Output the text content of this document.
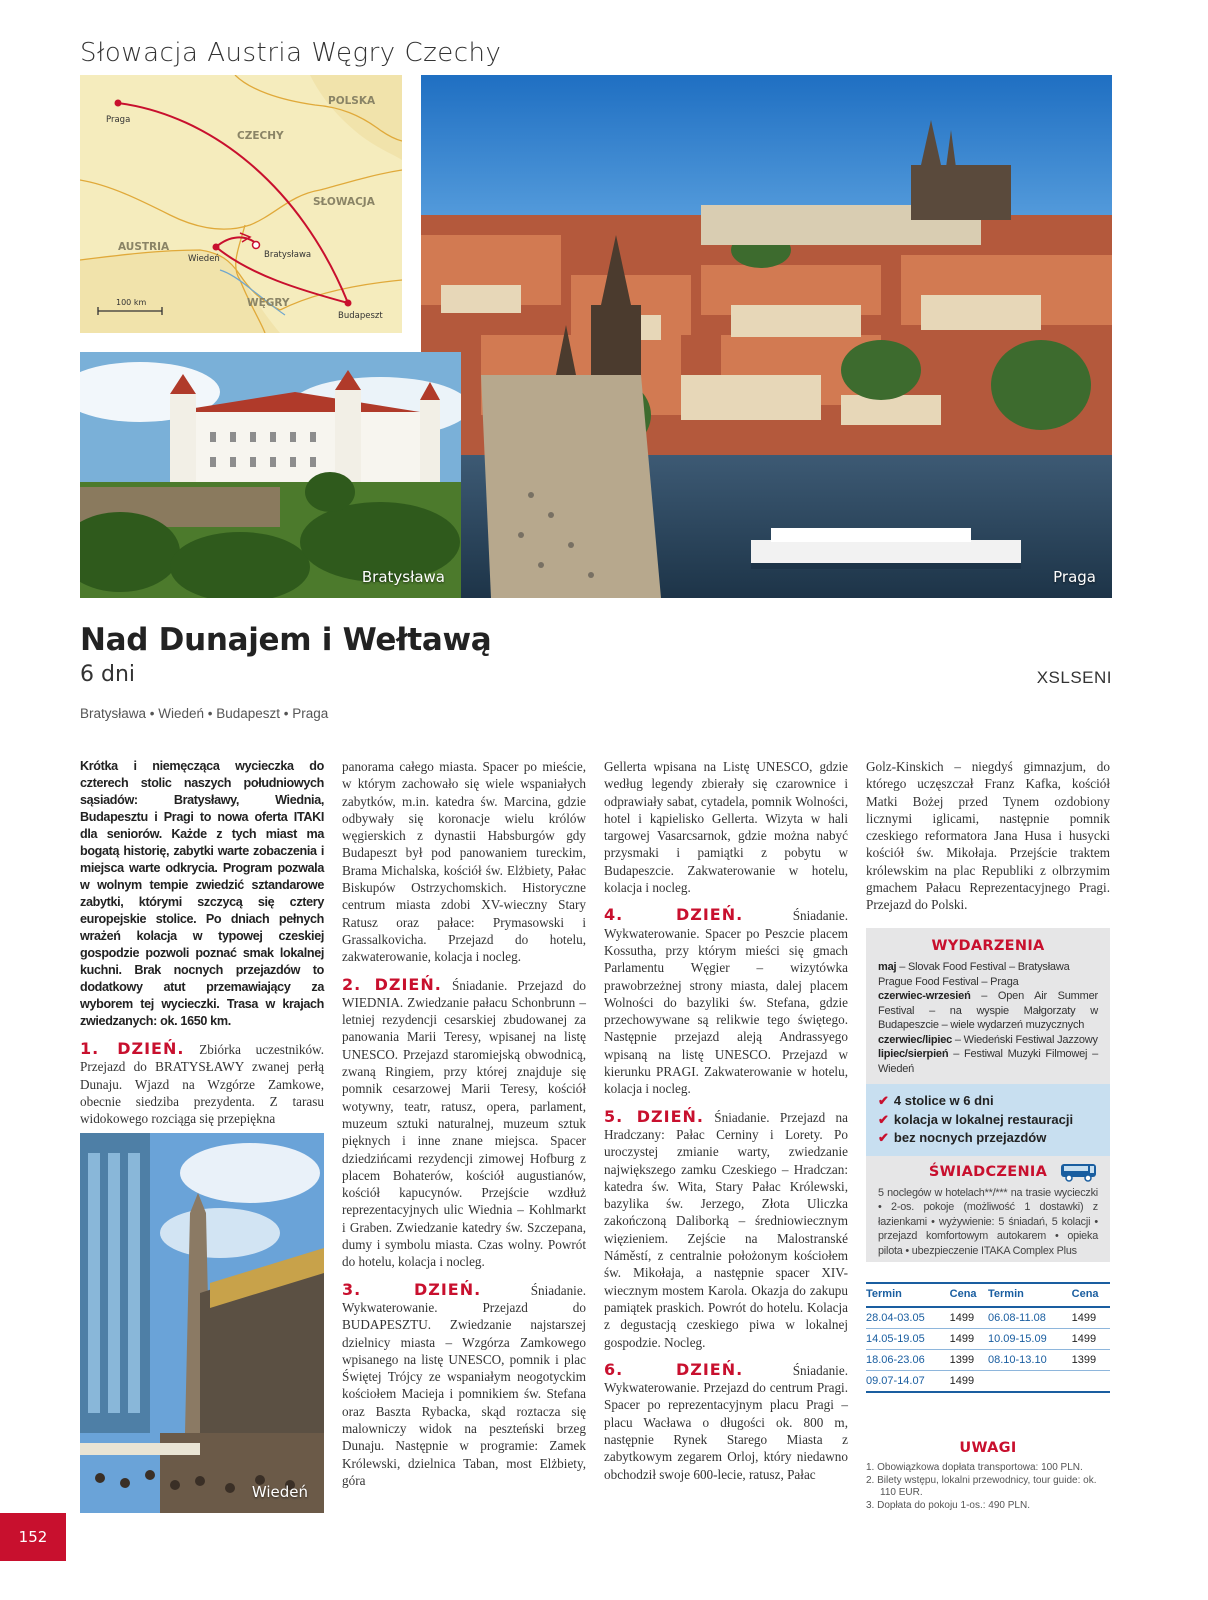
Słowacja Austria Węgry Czechy
POLSKA
CZECHY
SŁOWACJA
AUSTRIA
WĘGRY
Praga
Wiedeń	Bratysława
Budapeszt
100 km
Praga
Bratysława
Wiedeń
Nad Dunajem i Wełtawą
6 dni	XSLSENI
Bratysława • Wiedeń • Budapeszt • Praga

Krótka i niemęcząca wycieczka do czterech stolic naszych południowych sąsiadów: Bratysławy, Wiednia, Budapesztu i Pragi to nowa oferta ITAKI dla seniorów. Każde z tych miast ma bogatą historię, zabytki warte zobaczenia i miejsca warte odkrycia. Program pozwala w wolnym tempie zwiedzić sztandarowe zabytki, którymi szczycą się cztery europejskie stolice. Po dniach pełnych wrażeń kolacja w typowej czeskiej gospodzie pozwoli poznać smak lokalnej kuchni. Brak nocnych przejazdów to dodatkowy atut przemawiający za wyborem tej wycieczki. Trasa w krajach zwiedzanych: ok. 1650 km.

1. DZIEŃ. Zbiórka uczestników. Przejazd do BRATYSŁAWY zwanej perłą Dunaju. Wjazd na Wzgórze Zamkowe, obecnie siedziba prezydenta. Z tarasu widokowego rozciąga się przepiękna

panorama całego miasta. Spacer po mieście, w którym zachowało się wiele wspaniałych zabytków, m.in. katedra św. Marcina, gdzie odbywały się koronacje wielu królów węgierskich z dynastii Habsburgów gdy Budapeszt był pod panowaniem tureckim, Brama Michalska, kościół św. Elżbiety, Pałac Biskupów Ostrzychomskich. Historyczne centrum miasta zdobi XV-wieczny Stary Ratusz oraz pałace: Prymasowski i Grassalkovicha. Przejazd do hotelu, zakwaterowanie, kolacja i nocleg.

2. DZIEŃ. Śniadanie. Przejazd do WIEDNIA. Zwiedzanie pałacu Schonbrunn – letniej rezydencji cesarskiej zbudowanej za panowania Marii Teresy, wpisanej na listę UNESCO. Przejazd staromiejską obwodnicą, zwaną Ringiem, przy której znajduje się pomnik cesarzowej Marii Teresy, kościół wotywny, teatr, ratusz, opera, parlament, muzeum sztuki naturalnej, muzeum sztuk pięknych i inne znane miejsca. Spacer dziedzińcami rezydencji zimowej Hofburg z placem Bohaterów, kościół augustianów, kościół kapucynów. Przejście wzdłuż reprezentacyjnych ulic Wiednia – Kohlmarkt i Graben. Zwiedzanie katedry św. Szczepana, dumy i symbolu miasta. Czas wolny. Powrót do hotelu, kolacja i nocleg.

3. DZIEŃ.	Śniadanie. Wykwaterowanie. Przejazd do BUDAPESZTU. Zwiedzanie najstarszej dzielnicy miasta – Wzgórza Zamkowego wpisanego na listę UNESCO, pomnik i plac Świętej Trójcy ze wspaniałym neogotyckim kościołem Macieja i pomnikiem św. Stefana oraz Baszta Rybacka, skąd roztacza się malowniczy widok na peszteński brzeg Dunaju. Następnie w programie: Zamek Królewski, dzielnica Taban, most Elżbiety, góra

Gellerta wpisana na Listę UNESCO, gdzie według legendy zbierały się czarownice i odprawiały sabat, cytadela, pomnik Wolności, hotel i kąpielisko Gellerta. Wizyta w hali targowej Vasarcsarnok, gdzie można nabyć przysmaki i pamiątki z pobytu w Budapeszcie. Zakwaterowanie w hotelu, kolacja i nocleg.

4. DZIEŃ.	Śniadanie. Wykwaterowanie. Spacer po Peszcie placem Kossutha, przy którym mieści się gmach Parlamentu Węgier – wizytówka prawobrzeżnej strony miasta, dalej placem Wolności do bazyliki św. Stefana, gdzie przechowywane są relikwie tego świętego. Następnie przejazd aleją Andrassyego wpisaną na listę UNESCO. Przejazd w kierunku PRAGI. Zakwaterowanie w hotelu, kolacja i nocleg.

5. DZIEŃ. Śniadanie. Przejazd na Hradczany: Pałac Cerniny i Lorety. Po uroczystej zmianie warty, zwiedzanie największego zamku Czeskiego – Hradczan: katedra św. Wita, Stary Pałac Królewski, bazylika św. Jerzego, Złota Uliczka zakończoną Daliborką – średniowiecznym więzieniem. Zejście na Malostranské Náměstí, z centralnie położonym kościołem św. Mikołaja, a następnie spacer XIV-wiecznym mostem Karola. Okazja do zakupu pamiątek praskich. Powrót do hotelu. Kolacja z degustacją czeskiego piwa w lokalnej gospodzie. Nocleg.

6. DZIEŃ.	Śniadanie. Wykwaterowanie. Przejazd do centrum Pragi. Spacer po reprezentacyjnym placu Pragi – placu Wacława o długości ok. 800 m, następnie Rynek Starego Miasta z zabytkowym zegarem Orloj, który niedawno obchodził swoje 600-lecie, ratusz, Pałac

Golz-Kinskich – niegdyś gimnazjum, do którego uczęszczał Franz Kafka, kościół Matki Bożej przed Tynem ozdobiony licznymi iglicami, następnie pomnik czeskiego reformatora Jana Husa i husycki kościół św. Mikołaja. Przejście traktem królewskim na plac Republiki z olbrzymim gmachem Pałacu Reprezentacyjnego Pragi. Przejazd do Polski.

WYDARZENIA
maj – Slovak Food Festival – Bratysława
Prague Food Festival – Praga
czerwiec-wrzesień – Open Air Summer Festival – na wyspie Małgorzaty w Budapeszcie – wiele wydarzeń muzycznych
czerwiec/lipiec – Wiedeński Festiwal Jazzowy
lipiec/sierpień – Festiwal Muzyki Filmowej – Wiedeń
✔ 4 stolice w 6 dni
✔ kolacja w lokalnej restauracji
✔ bez nocnych przejazdów
ŚWIADCZENIA
5 noclegów w hotelach**/*** na trasie wycieczki • 2-os. pokoje (możliwość 1 dostawki) z łazienkami • wyżywienie: 5 śniadań, 5 kolacji • przejazd komfortowym autokarem • opieka pilota • ubezpieczenie ITAKA Complex Plus
Termin	Cena	Termin	Cena
28.04-03.05	1499	06.08-11.08	1499
14.05-19.05	1499	10.09-15.09	1499
18.06-23.06	1399	08.10-13.10	1399
09.07-14.07	1499		
UWAGI
1. Obowiązkowa dopłata transportowa: 100 PLN.
2. Bilety wstępu, lokalni przewodnicy, tour guide: ok. 110 EUR.
3. Dopłata do pokoju 1-os.: 490 PLN.
152
